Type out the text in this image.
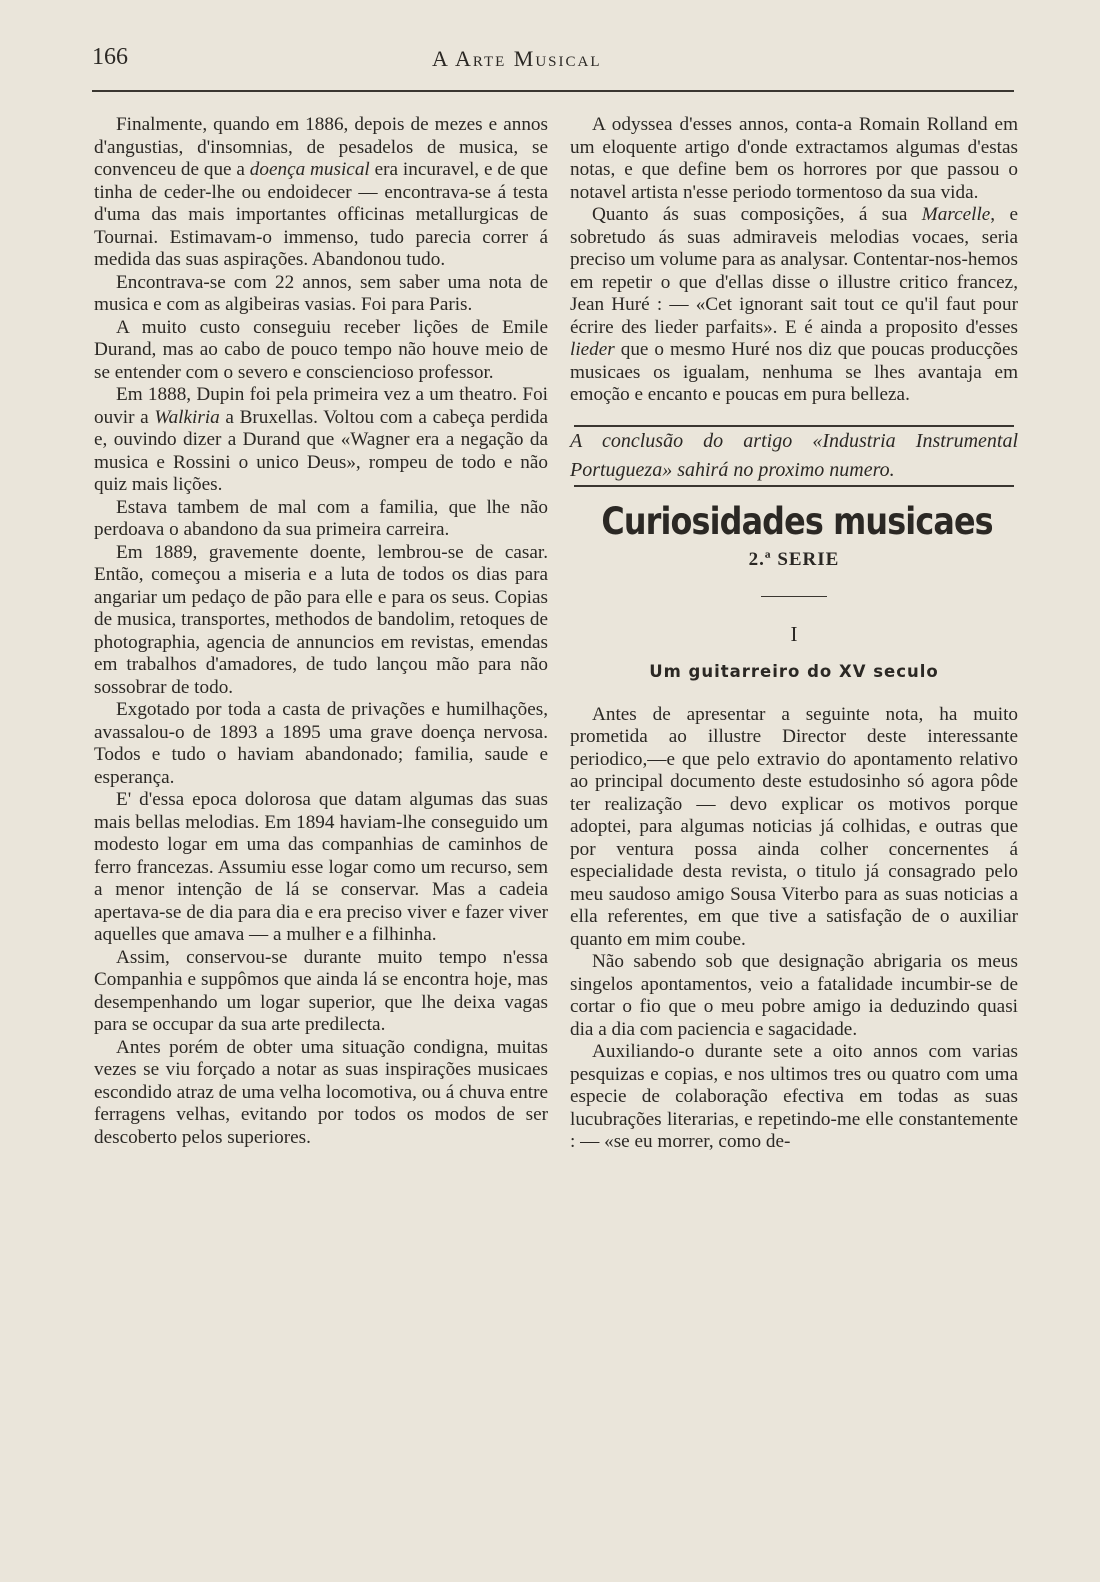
166	A Arte Musical

Finalmente, quando em 1886, depois de mezes e annos d'angustias, d'insomnias, de pesadelos de musica, se convenceu de que a doença musical era incuravel, e de que tinha de ceder-lhe ou endoidecer — encontrava-se á testa d'uma das mais importantes officinas metallurgicas de Tournai. Estimavam-o immenso, tudo parecia correr á medida das suas aspirações. Abandonou tudo.

Encontrava-se com 22 annos, sem saber uma nota de musica e com as algibeiras vasias. Foi para Paris.

A muito custo conseguiu receber lições de Emile Durand, mas ao cabo de pouco tempo não houve meio de se entender com o severo e consciencioso professor.

Em 1888, Dupin foi pela primeira vez a um theatro. Foi ouvir a Walkiria a Bruxellas. Voltou com a cabeça perdida e, ouvindo dizer a Durand que «Wagner era a negação da musica e Rossini o unico Deus», rompeu de todo e não quiz mais lições.

Estava tambem de mal com a familia, que lhe não perdoava o abandono da sua primeira carreira.

Em 1889, gravemente doente, lembrou-se de casar. Então, começou a miseria e a luta de todos os dias para angariar um pedaço de pão para elle e para os seus. Copias de musica, transportes, methodos de bandolim, retoques de photographia, agencia de annuncios em revistas, emendas em trabalhos d'amadores, de tudo lançou mão para não sossobrar de todo.

Exgotado por toda a casta de privações e humilhações, avassalou-o de 1893 a 1895 uma grave doença nervosa. Todos e tudo o haviam abandonado; familia, saude e esperança.

E' d'essa epoca dolorosa que datam algumas das suas mais bellas melodias. Em 1894 haviam-lhe conseguido um modesto logar em uma das companhias de caminhos de ferro francezas. Assumiu esse logar como um recurso, sem a menor intenção de lá se conservar. Mas a cadeia apertava-se de dia para dia e era preciso viver e fazer viver aquelles que amava — a mulher e a filhinha.

Assim, conservou-se durante muito tempo n'essa Companhia e suppômos que ainda lá se encontra hoje, mas desempenhando um logar superior, que lhe deixa vagas para se occupar da sua arte predilecta.

Antes porém de obter uma situação condigna, muitas vezes se viu forçado a notar as suas inspirações musicaes escondido atraz de uma velha locomotiva, ou á chuva entre ferragens velhas, evitando por todos os modos de ser descoberto pelos superiores.

A odyssea d'esses annos, conta-a Romain Rolland em um eloquente artigo d'onde extractamos algumas d'estas notas, e que define bem os horrores por que passou o notavel artista n'esse periodo tormentoso da sua vida.

Quanto ás suas composições, á sua Marcelle, e sobretudo ás suas admiraveis melodias vocaes, seria preciso um volume para as analysar. Contentar-nos-hemos em repetir o que d'ellas disse o illustre critico francez, Jean Huré : — «Cet ignorant sait tout ce qu'il faut pour écrire des lieder parfaits». E é ainda a proposito d'esses lieder que o mesmo Huré nos diz que poucas producções musicaes os igualam, nenhuma se lhes avantaja em emoção e encanto e poucas em pura belleza.

A conclusão do artigo «Industria Instrumental Portugueza» sahirá no proximo numero.

Curiosidades musicaes
2.ª SERIE
I
Um guitarreiro do XV seculo

Antes de apresentar a seguinte nota, ha muito prometida ao illustre Director deste interessante periodico,—e que pelo extravio do apontamento relativo ao principal documento deste estudosinho só agora pôde ter realização — devo explicar os motivos porque adoptei, para algumas noticias já colhidas, e outras que por ventura possa ainda colher concernentes á especialidade desta revista, o titulo já consagrado pelo meu saudoso amigo Sousa Viterbo para as suas noticias a ella referentes, em que tive a satisfação de o auxiliar quanto em mim coube.

Não sabendo sob que designação abrigaria os meus singelos apontamentos, veio a fatalidade incumbir-se de cortar o fio que o meu pobre amigo ia deduzindo quasi dia a dia com paciencia e sagacidade.

Auxiliando-o durante sete a oito annos com varias pesquizas e copias, e nos ultimos tres ou quatro com uma especie de colaboração efectiva em todas as suas lucubrações literarias, e repetindo-me elle constantemente : — «se eu morrer, como de-
